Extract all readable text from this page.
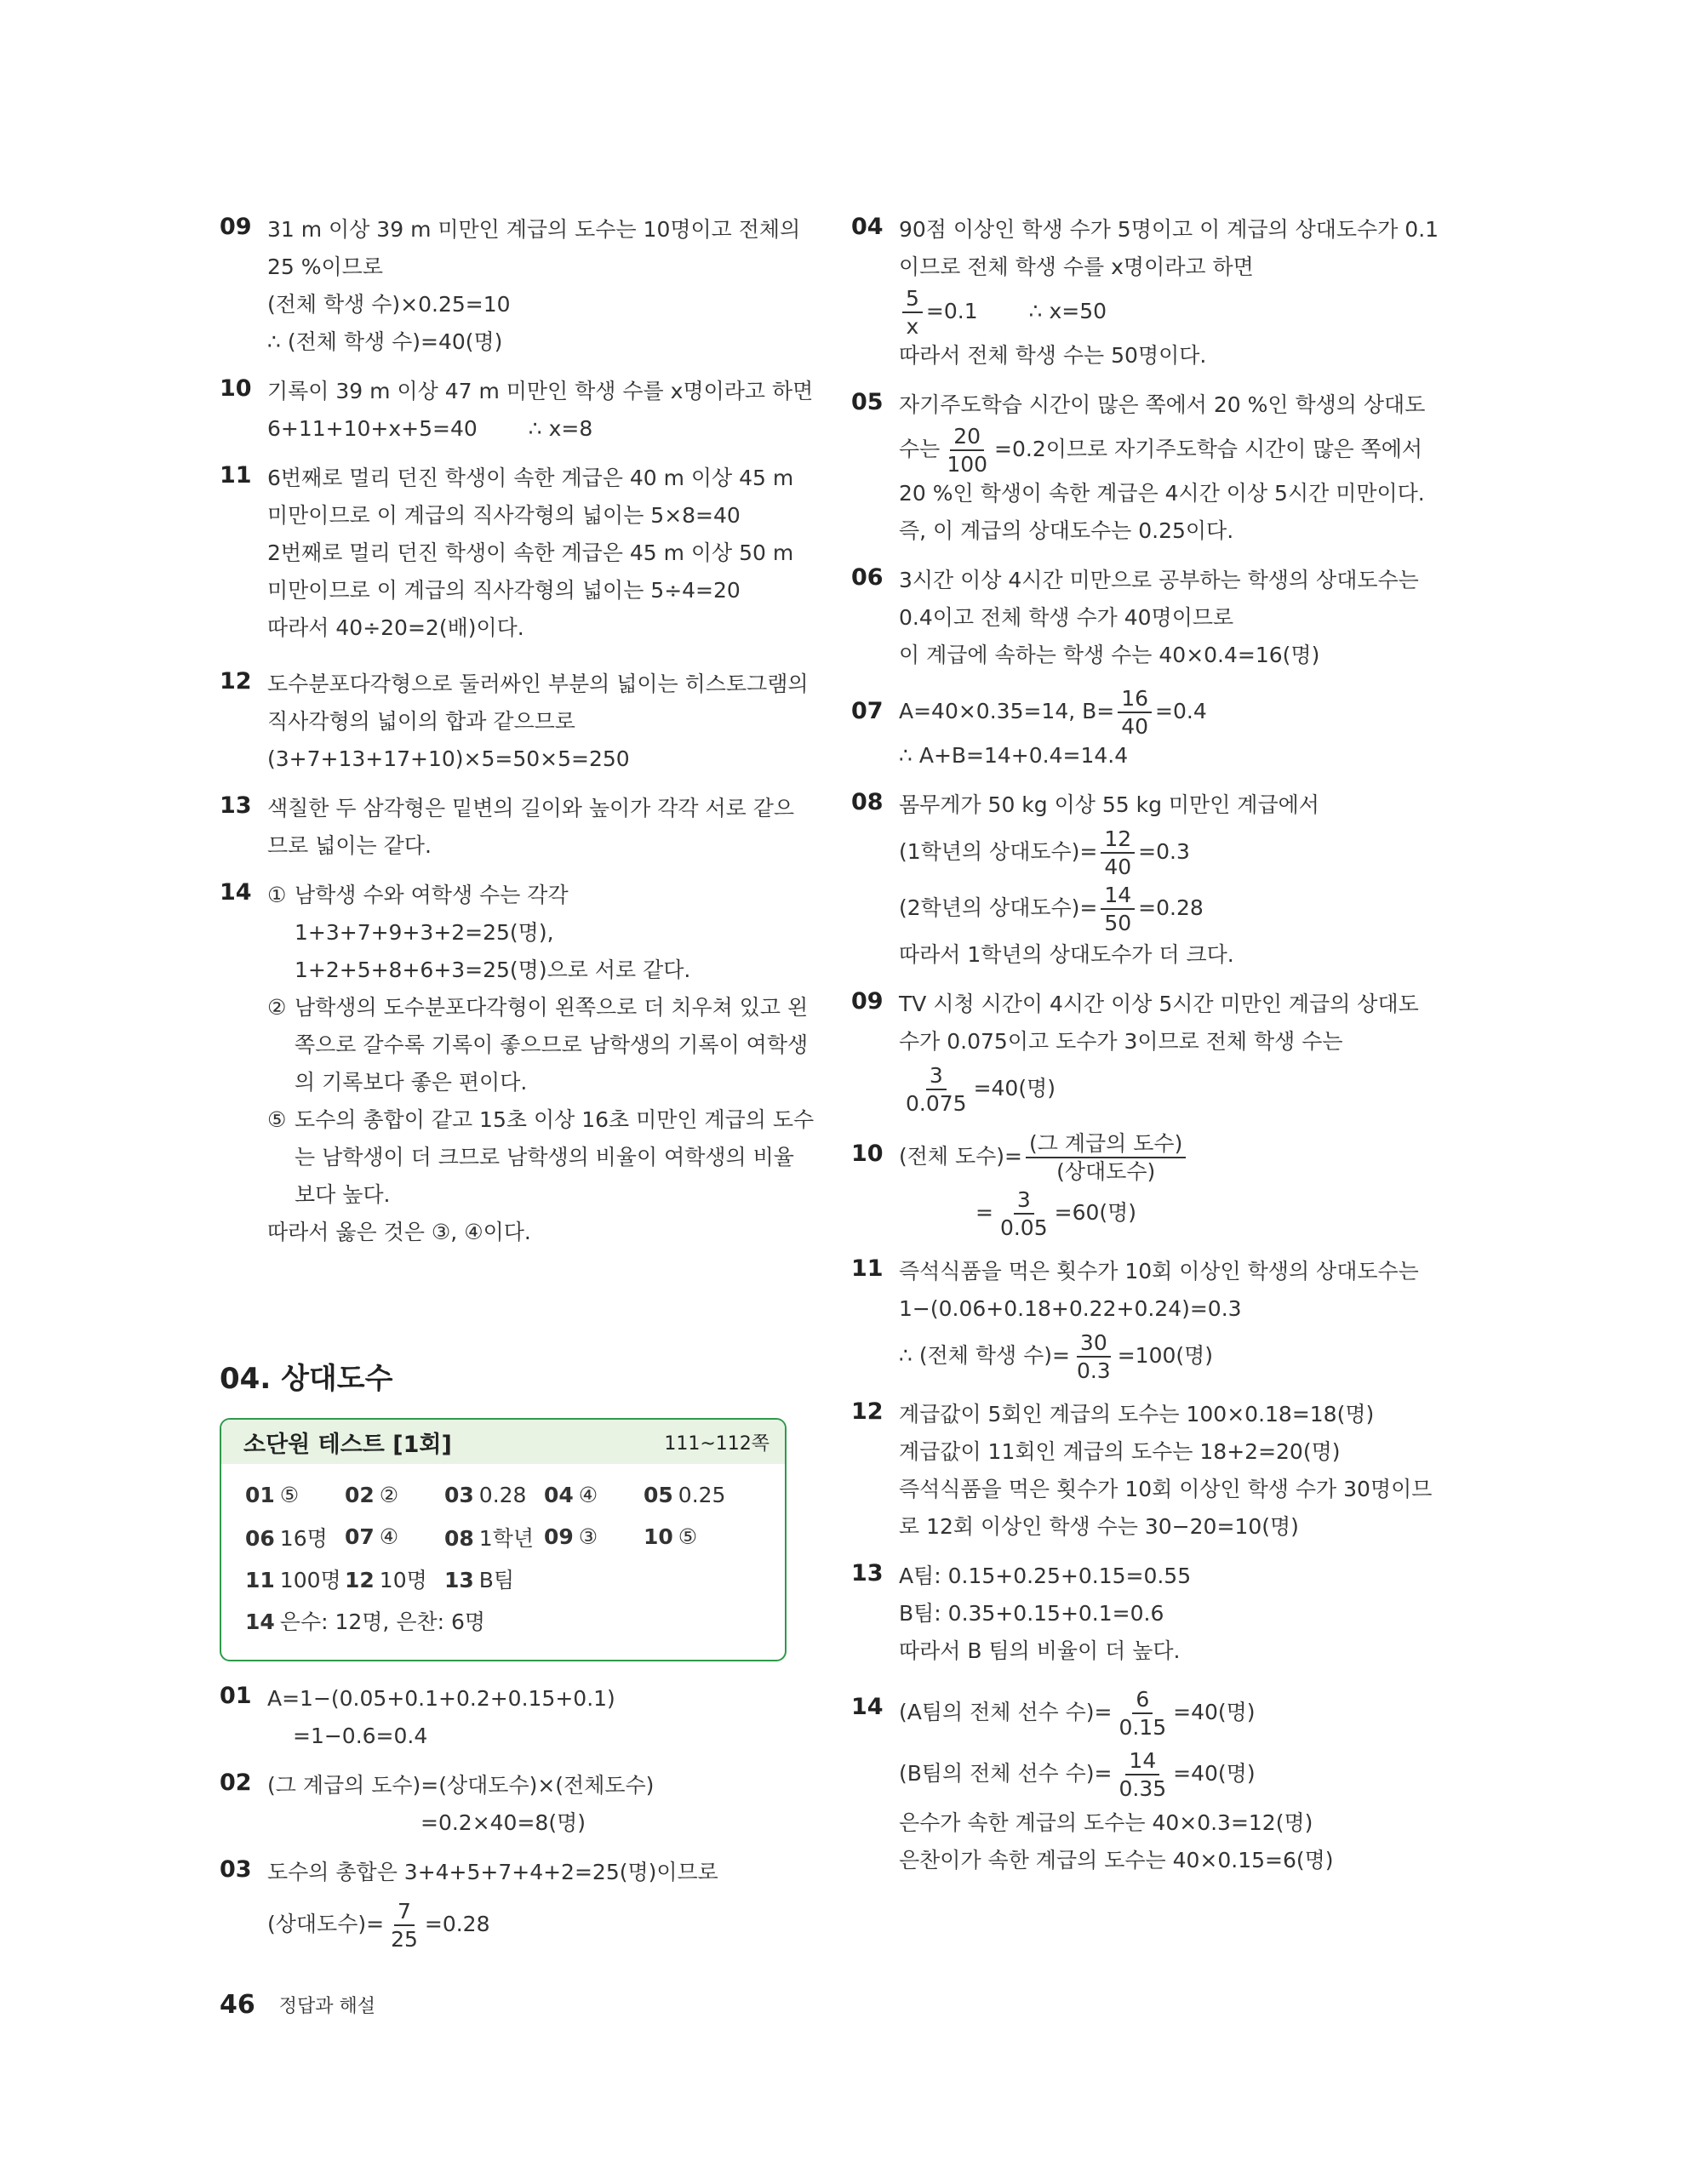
09 31 m 이상 39 m 미만인 계급의 도수는 10명이고 전체의
25 %이므로
(전체 학생 수)×0.25=10
∴ (전체 학생 수)=40(명)
10 기록이 39 m 이상 47 m 미만인 학생 수를 x명이라고 하면
6+11+10+x+5=40 ∴ x=8
11 6번째로 멀리 던진 학생이 속한 계급은 40 m 이상 45 m
미만이므로 이 계급의 직사각형의 넓이는 5×8=40
2번째로 멀리 던진 학생이 속한 계급은 45 m 이상 50 m
미만이므로 이 계급의 직사각형의 넓이는 5÷4=20
따라서 40÷20=2(배)이다.
12 도수분포다각형으로 둘러싸인 부분의 넓이는 히스토그램의
직사각형의 넓이의 합과 같으므로
(3+7+13+17+10)×5=50×5=250
13 색칠한 두 삼각형은 밑변의 길이와 높이가 각각 서로 같으
므로 넓이는 같다.
14 ① 남학생 수와 여학생 수는 각각
1+3+7+9+3+2=25(명),
1+2+5+8+6+3=25(명)으로 서로 같다.
② 남학생의 도수분포다각형이 왼쪽으로 더 치우쳐 있고 왼
쪽으로 갈수록 기록이 좋으므로 남학생의 기록이 여학생
의 기록보다 좋은 편이다.
⑤ 도수의 총합이 같고 15초 이상 16초 미만인 계급의 도수
는 남학생이 더 크므로 남학생의 비율이 여학생의 비율
보다 높다.
따라서 옳은 것은 ③, ④이다.
04. 상대도수
소단원 테스트 [1회]	111~112쪽
01 ⑤	02 ②	03 0.28 04 ④	05 0.25
06 16명 07 ④	08 1학년 09 ③	10 ⑤
11 100명 12 10명 13 B팀
14 은수: 12명, 은찬: 6명
01 A=1−(0.05+0.1+0.2+0.15+0.1)
=1−0.6=0.4
02 (그 계급의 도수)=(상대도수)×(전체도수)
=0.2×40=8(명)
03 도수의 총합은 3+4+5+7+4+2=25(명)이므로
(상대도수)= $\frac{7}{25} =0.28$
04 90점 이상인 학생 수가 5명이고 이 계급의 상대도수가 0.1
이므로 전체 학생 수를 x명이라고 하면
$\frac{5}{x} =0.1$ ∴ x=50
따라서 전체 학생 수는 50명이다.
05 자기주도학습 시간이 많은 쪽에서 20 %인 학생의 상대도
수는 $\frac{20}{100} =0.2$이므로 자기주도학습 시간이 많은 쪽에서
20 %인 학생이 속한 계급은 4시간 이상 5시간 미만이다.
즉, 이 계급의 상대도수는 0.25이다.
06 3시간 이상 4시간 미만으로 공부하는 학생의 상대도수는
0.4이고 전체 학생 수가 40명이므로
이 계급에 속하는 학생 수는 40×0.4=16(명)
07 A=40×0.35=14, $B= \frac{16}{40} =0.4$
∴ A+B=14+0.4=14.4
08 몸무게가 50 kg 이상 55 kg 미만인 계급에서
(1학년의 상대도수)= $\frac{12}{40} =0.3$
(2학년의 상대도수)= $\frac{14}{50} =0.28$
따라서 1학년의 상대도수가 더 크다.
09 TV 시청 시간이 4시간 이상 5시간 미만인 계급의 상대도
수가 0.075이고 도수가 3이므로 전체 학생 수는
$\frac{3}{0.075} =40$(명)
10 (전체 도수)= $\frac{\text{(그 계급의 도수)}}{\text{(상대도수)}}$
= $\frac{3}{0.05} =60$(명)
11 즉석식품을 먹은 횟수가 10회 이상인 학생의 상대도수는
1−(0.06+0.18+0.22+0.24)=0.3
∴ (전체 학생 수)= $\frac{30}{0.3} =100$(명)
12 계급값이 5회인 계급의 도수는 100×0.18=18(명)
계급값이 11회인 계급의 도수는 18+2=20(명)
즉석식품을 먹은 횟수가 10회 이상인 학생 수가 30명이므
로 12회 이상인 학생 수는 30−20=10(명)
13 A팀: 0.15+0.25+0.15=0.55
B팀: 0.35+0.15+0.1=0.6
따라서 B 팀의 비율이 더 높다.
14 (A팀의 전체 선수 수)= $\frac{6}{0.15} =40$(명)
(B팀의 전체 선수 수)= $\frac{14}{0.35} =40$(명)
은수가 속한 계급의 도수는 40×0.3=12(명)
은찬이가 속한 계급의 도수는 40×0.15=6(명)
46 정답과 해설
